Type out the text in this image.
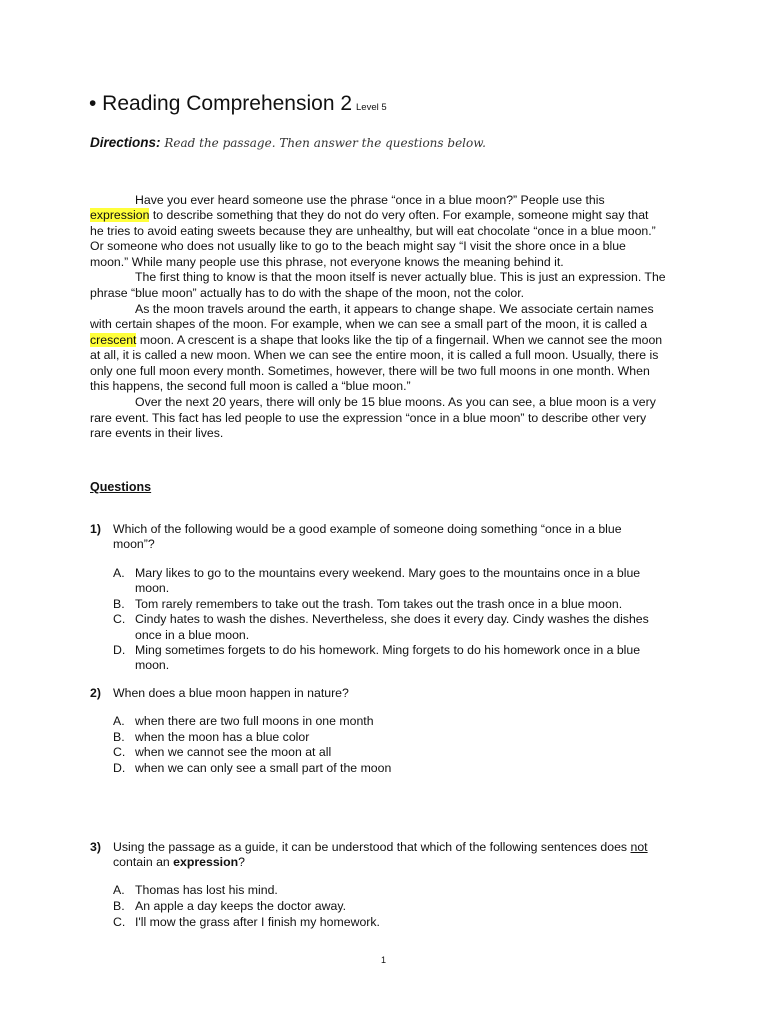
• Reading Comprehension 2 Level 5
Directions: Read the passage. Then answer the questions below.
Have you ever heard someone use the phrase “once in a blue moon?” People use this
expression to describe something that they do not do very often. For example, someone might say that
he tries to avoid eating sweets because they are unhealthy, but will eat chocolate “once in a blue moon.”
Or someone who does not usually like to go to the beach might say “I visit the shore once in a blue
moon.” While many people use this phrase, not everyone knows the meaning behind it.
The first thing to know is that the moon itself is never actually blue. This is just an expression. The
phrase “blue moon” actually has to do with the shape of the moon, not the color.
As the moon travels around the earth, it appears to change shape. We associate certain names
with certain shapes of the moon. For example, when we can see a small part of the moon, it is called a
crescent moon. A crescent is a shape that looks like the tip of a fingernail. When we cannot see the moon
at all, it is called a new moon. When we can see the entire moon, it is called a full moon. Usually, there is
only one full moon every month. Sometimes, however, there will be two full moons in one month. When
this happens, the second full moon is called a “blue moon.”
Over the next 20 years, there will only be 15 blue moons. As you can see, a blue moon is a very
rare event. This fact has led people to use the expression “once in a blue moon” to describe other very
rare events in their lives.
Questions
1) Which of the following would be a good example of someone doing something “once in a blue
moon”?
A. Mary likes to go to the mountains every weekend. Mary goes to the mountains once in a blue
moon.
B. Tom rarely remembers to take out the trash. Tom takes out the trash once in a blue moon.
C. Cindy hates to wash the dishes. Nevertheless, she does it every day. Cindy washes the dishes
once in a blue moon.
D. Ming sometimes forgets to do his homework. Ming forgets to do his homework once in a blue
moon.
2) When does a blue moon happen in nature?
A. when there are two full moons in one month
B. when the moon has a blue color
C. when we cannot see the moon at all
D. when we can only see a small part of the moon
3) Using the passage as a guide, it can be understood that which of the following sentences does not
contain an expression?
A. Thomas has lost his mind.
B. An apple a day keeps the doctor away.
C. I'll mow the grass after I finish my homework.
1
